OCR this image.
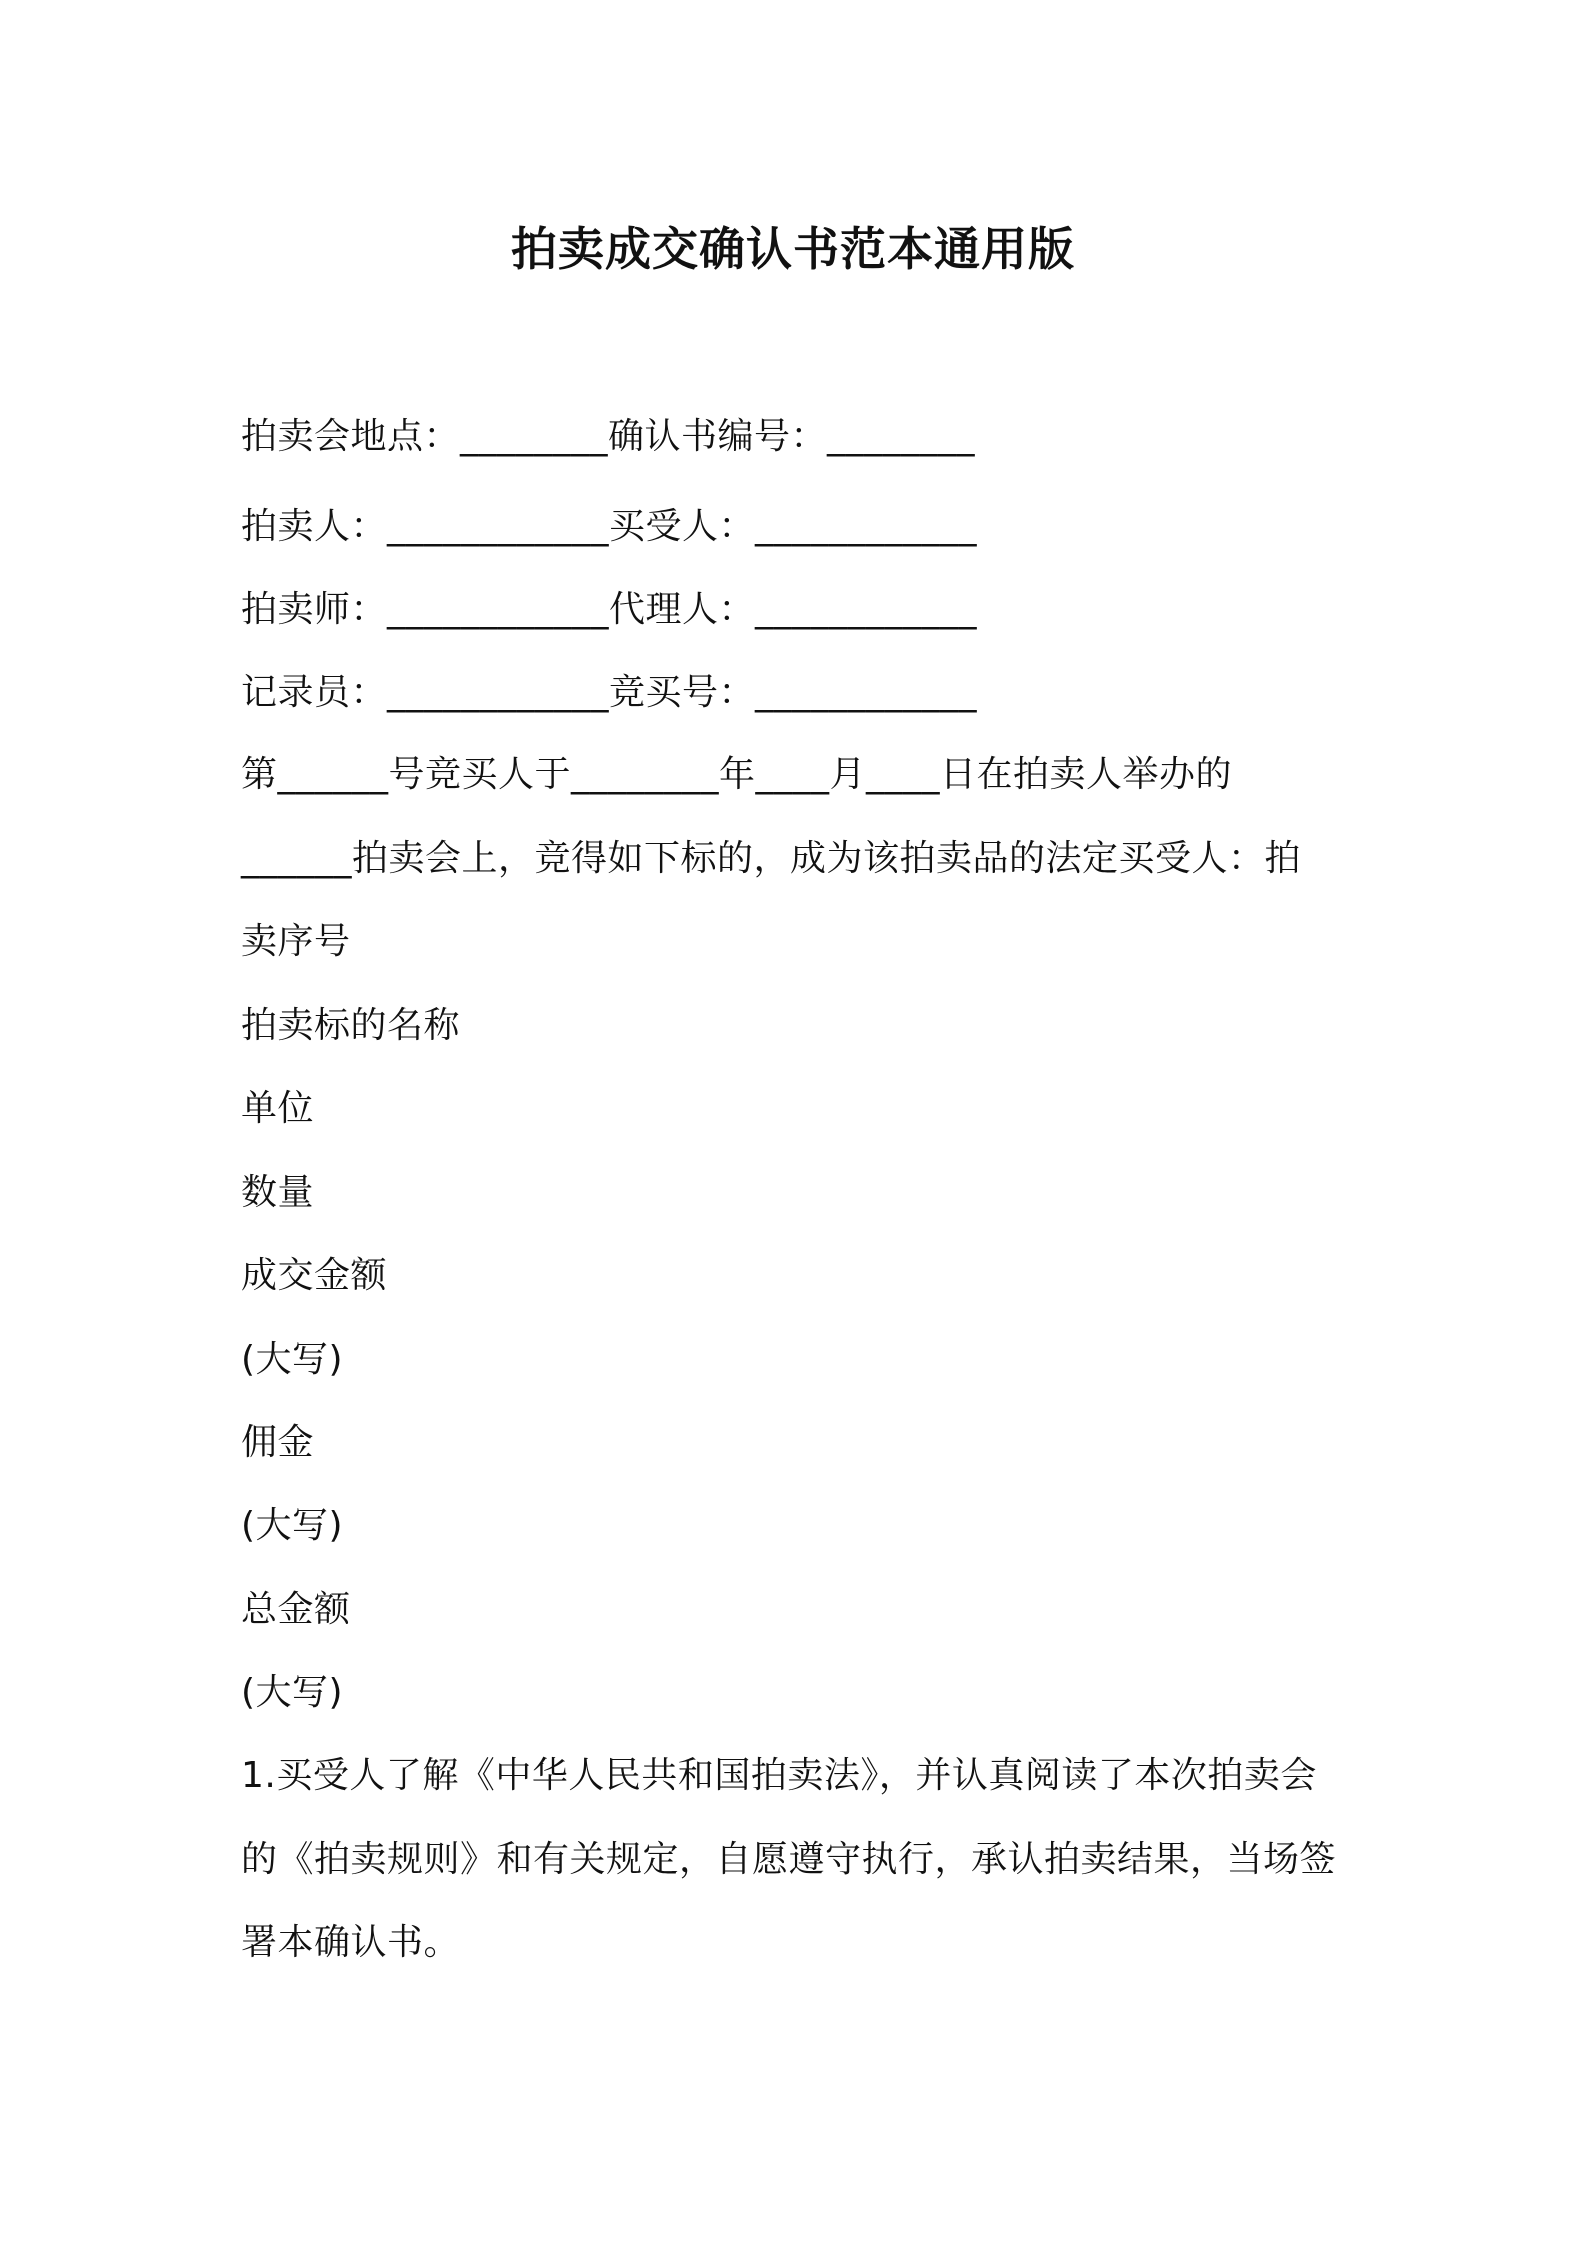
拍卖成交确认书范本通用版
拍卖会地点：________确认书编号：________
拍卖人：____________买受人：____________
拍卖师：____________代理人：____________
记录员：____________竞买号：____________
第______号竞买人于________年____月____日在拍卖人举办的
______拍卖会上，竞得如下标的，成为该拍卖品的法定买受人：拍
卖序号
拍卖标的名称
单位
数量
成交金额
(大写)
佣金
(大写)
总金额
(大写)
1.买受人了解《中华人民共和国拍卖法》，并认真阅读了本次拍卖会
的《拍卖规则》和有关规定，自愿遵守执行，承认拍卖结果，当场签
署本确认书。
